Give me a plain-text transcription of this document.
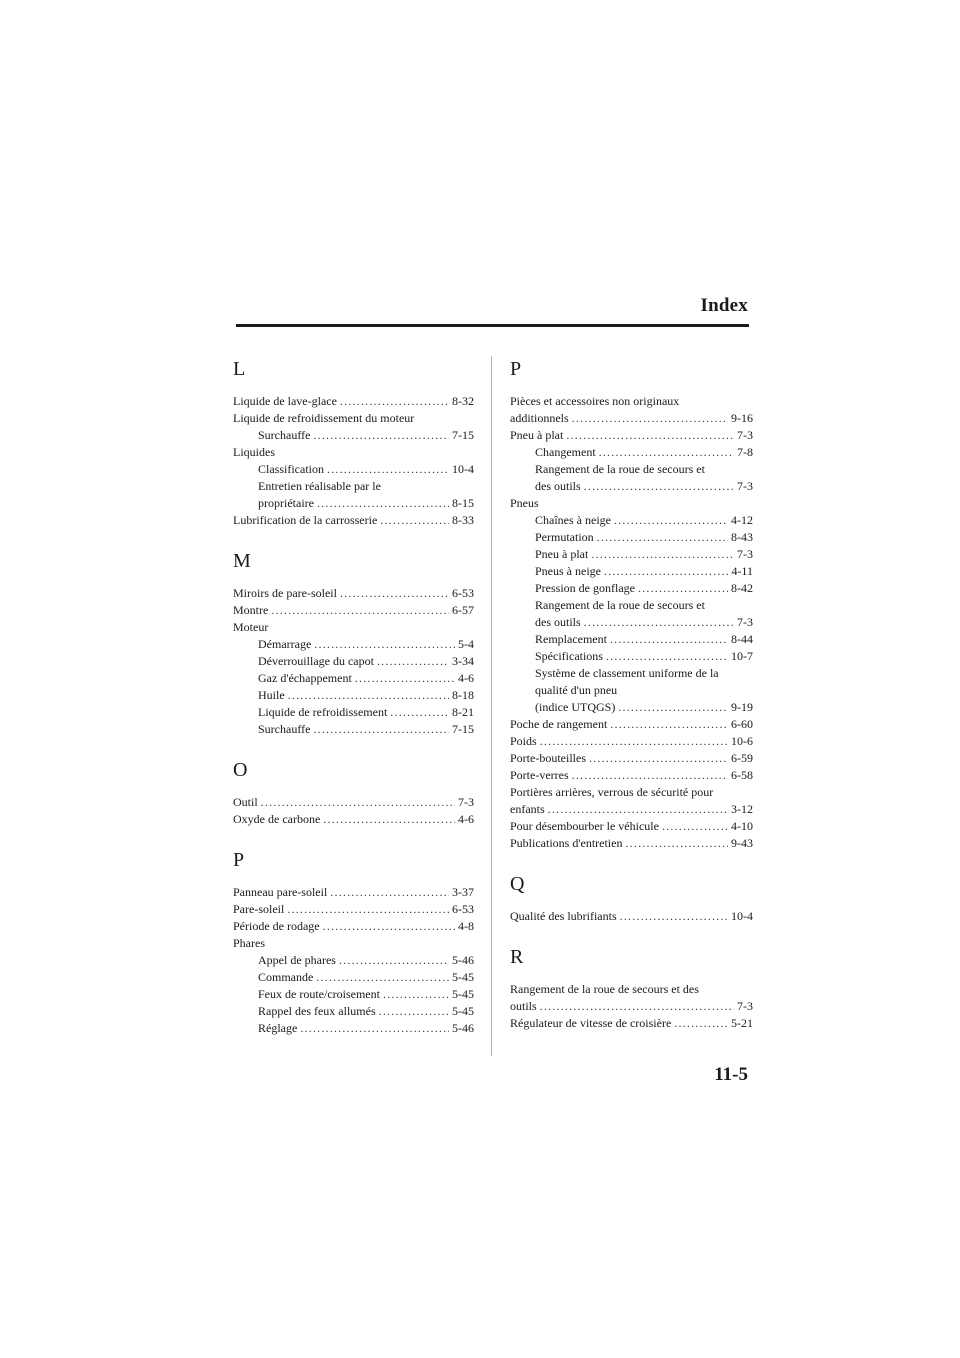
Index
L
Liquide de lave-glace .....	8-32
Liquide de refroidissement du moteur
Surchauffe .....	7-15
Liquides
Classification .....	10-4
Entretien réalisable par le
propriétaire .....	8-15
Lubrification de la carrosserie .....	8-33
M
Miroirs de pare-soleil .....	6-53
Montre .....	6-57
Moteur
Démarrage .....	5-4
Déverrouillage du capot .....	3-34
Gaz d'échappement .....	4-6
Huile .....	8-18
Liquide de refroidissement .....	8-21
Surchauffe .....	7-15
O
Outil .....	7-3
Oxyde de carbone .....	4-6
P
Panneau pare-soleil .....	3-37
Pare-soleil .....	6-53
Période de rodage .....	4-8
Phares
Appel de phares .....	5-46
Commande .....	5-45
Feux de route/croisement .....	5-45
Rappel des feux allumés .....	5-45
Réglage .....	5-46
P
Pièces et accessoires non originaux
additionnels .....	9-16
Pneu à plat .....	7-3
Changement .....	7-8
Rangement de la roue de secours et
des outils .....	7-3
Pneus
Chaînes à neige .....	4-12
Permutation .....	8-43
Pneu à plat .....	7-3
Pneus à neige .....	4-11
Pression de gonflage .....	8-42
Rangement de la roue de secours et
des outils .....	7-3
Remplacement .....	8-44
Spécifications .....	10-7
Système de classement uniforme de la
qualité d'un pneu
(indice UTQGS) .....	9-19
Poche de rangement .....	6-60
Poids .....	10-6
Porte-bouteilles .....	6-59
Porte-verres .....	6-58
Portières arrières, verrous de sécurité pour
enfants .....	3-12
Pour désembourber le véhicule .....	4-10
Publications d'entretien .....	9-43
Q
Qualité des lubrifiants .....	10-4
R
Rangement de la roue de secours et des
outils .....	7-3
Régulateur de vitesse de croisière .....	5-21
11-5
